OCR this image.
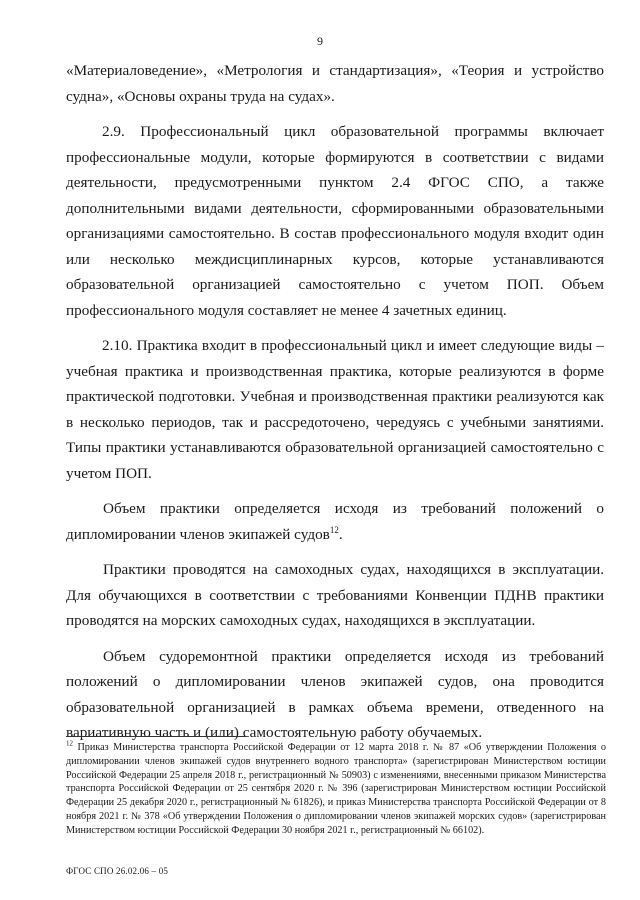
9

«Материаловедение», «Метрология и стандартизация», «Теория и устройство судна», «Основы охраны труда на судах».

2.9. Профессиональный цикл образовательной программы включает профессиональные модули, которые формируются в соответствии с видами деятельности, предусмотренными пунктом 2.4 ФГОС СПО, а также дополнительными видами деятельности, сформированными образовательными организациями самостоятельно. В состав профессионального модуля входит один или несколько междисциплинарных курсов, которые устанавливаются образовательной организацией самостоятельно с учетом ПОП. Объем профессионального модуля составляет не менее 4 зачетных единиц.

2.10. Практика входит в профессиональный цикл и имеет следующие виды – учебная практика и производственная практика, которые реализуются в форме практической подготовки. Учебная и производственная практики реализуются как в несколько периодов, так и рассредоточено, чередуясь с учебными занятиями. Типы практики устанавливаются образовательной организацией самостоятельно с учетом ПОП.

Объем практики определяется исходя из требований положений о дипломировании членов экипажей судов$^{12}$.

Практики проводятся на самоходных судах, находящихся в эксплуатации. Для обучающихся в соответствии с требованиями Конвенции ПДНВ практики проводятся на морских самоходных судах, находящихся в эксплуатации.

Объем судоремонтной практики определяется исходя из требований положений о дипломировании членов экипажей судов, она проводится образовательной организацией в рамках объема времени, отведенного на вариативную часть и (или) самостоятельную работу обучаемых.

$^{12}$ Приказ Министерства транспорта Российской Федерации от 12 марта 2018 г. № 87 «Об утверждении Положения о дипломировании членов экипажей судов внутреннего водного транспорта» (зарегистрирован Министерством юстиции Российской Федерации 25 апреля 2018 г., регистрационный № 50903) с изменениями, внесенными приказом Министерства транспорта Российской Федерации от 25 сентября 2020 г. № 396 (зарегистрирован Министерством юстиции Российской Федерации 25 декабря 2020 г., регистрационный № 61826), и приказ Министерства транспорта Российской Федерации от 8 ноября 2021 г. № 378 «Об утверждении Положения о дипломировании членов экипажей морских судов» (зарегистрирован Министерством юстиции Российской Федерации 30 ноября 2021 г., регистрационный № 66102).
ФГОС СПО 26.02.06 – 05
